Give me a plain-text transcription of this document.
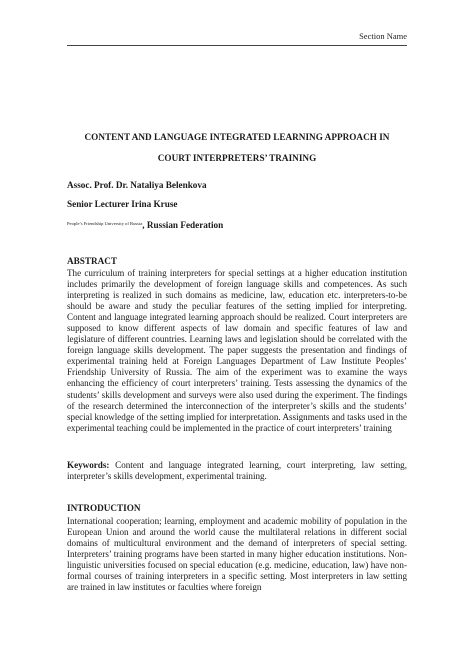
Section Name
CONTENT AND LANGUAGE INTEGRATED LEARNING APPROACH IN
COURT INTERPRETERS’ TRAINING
Assoc. Prof. Dr. Nataliya Belenkova
Senior Lecturer Irina Kruse
$^{People’s Friendship University of Russia}$, Russian Federation
ABSTRACT

The curriculum of training interpreters for special settings at a higher education institution includes primarily the development of foreign language skills and competences. As such interpreting is realized in such domains as medicine, law, education etc. interpreters-to-be should be aware and study the peculiar features of the setting implied for interpreting. Content and language integrated learning approach should be realized. Court interpreters are supposed to know different aspects of law domain and specific features of law and legislature of different countries. Learning laws and legislation should be correlated with the foreign language skills development. The paper suggests the presentation and findings of experimental training held at Foreign Languages Department of Law Institute Peoples’ Friendship University of Russia. The aim of the experiment was to examine the ways enhancing the efficiency of court interpreters’ training. Tests assessing the dynamics of the students’ skills development and surveys were also used during the experiment. The findings of the research determined the interconnection of the interpreter’s skills and the students’ special knowledge of the setting implied for interpretation. Assignments and tasks used in the experimental teaching could be implemented in the practice of court interpreters’ training

Keywords: Content and language integrated learning, court interpreting, law setting, interpreter’s skills development, experimental training.

INTRODUCTION

International cooperation; learning, employment and academic mobility of population in the European Union and around the world cause the multilateral relations in different social domains of multicultural environment and the demand of interpreters of special setting. Interpreters’ training programs have been started in many higher education institutions. Non-linguistic universities focused on special education (e.g. medicine, education, law) have non-formal courses of training interpreters in a specific setting. Most interpreters in law setting are trained in law institutes or faculties where foreign
